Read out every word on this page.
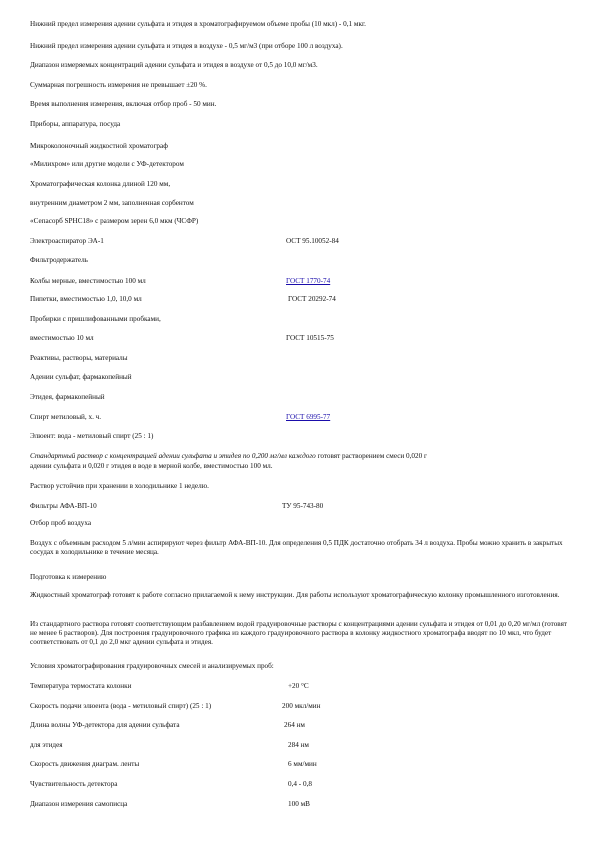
Нижний предел измерения адении сульфата и этидея в хроматографируемом объеме пробы (10 мкл) - 0,1 мкг.
Нижний предел измерения адении сульфата и этидея в воздухе - 0,5 мг/м3 (при отборе 100 л воздуха).
Диапазон измеряемых концентраций адении сульфата и этидея в воздухе от 0,5 до 10,0 мг/м3.
Суммарная погрешность измерения не превышает ±20 %.
Время выполнения измерения, включая отбор проб - 50 мин.
Приборы, аппаратура, посуда
Микроколоночный жидкостной хроматограф
«Милихром» или другие модели с УФ-детектором
Хроматографическая колонка длиной 120 мм,
внутренним диаметром 2 мм, заполненная сорбентом
«Сепасорб SPHC18» с размером зерен 6,0 мкм (ЧСФР)
Электроаспиратор ЭА-1	ОСТ 95.10052-84
Фильтродержатель
Колбы мерные, вместимостью 100 мл	ГОСТ 1770-74
Пипетки, вместимостью 1,0, 10,0 мл	ГОСТ 20292-74
Пробирки с пришлифованными пробками,
вместимостью 10 мл	ГОСТ 10515-75
Реактивы, растворы, материалы
Адении сульфат, фармакопейный
Этидея, фармакопейный
Спирт метиловый, х. ч.	ГОСТ 6995-77
Элюент: вода - метиловый спирт (25 : 1)
Стандартный раствор с концентрацией адении сульфата и этидея по 0,200 мг/мл каждого готовят растворением смеси 0,020 г
адении сульфата и 0,020 г этидея в воде в мерной колбе, вместимостью 100 мл.
Раствор устойчив при хранении в холодильнике 1 неделю.
Фильтры АФА-ВП-10	ТУ 95-743-80
Отбор проб воздуха
Воздух с объемным расходом 5 л/мин аспирируют через фильтр АФА-ВП-10. Для определения 0,5 ПДК достаточно отобрать 34 л воздуха. Пробы можно хранить в закрытых сосудах в холодильнике в течение месяца.
Подготовка к измерению
Жидкостный хроматограф готовят к работе согласно прилагаемой к нему инструкции. Для работы используют хроматографическую колонку промышленного изготовления.
Из стандартного раствора готовят соответствующим разбавлением водой градуировочные растворы с концентрациями адении сульфата и этидея от 0,01 до 0,20 мг/мл (готовят не менее 6 растворов). Для построения градуировочного графика из каждого градуировочного раствора в колонку жидкостного хроматографа вводят по 10 мкл, что будет соответствовать от 0,1 до 2,0 мкг адении сульфата и этидея.
Условия хроматографирования градуировочных смесей и анализируемых проб:
Температура термостата колонки	+20 °С
Скорость подачи элюента (вода - метиловый спирт) (25 : 1)	200 мкл/мин
Длина волны УФ-детектора для адении сульфата	264 нм
для этидея	284 нм
Скорость движения диаграм. ленты	6 мм/мин
Чувствительность детектора	0,4 - 0,8
Диапазон измерения самописца	100 мВ
